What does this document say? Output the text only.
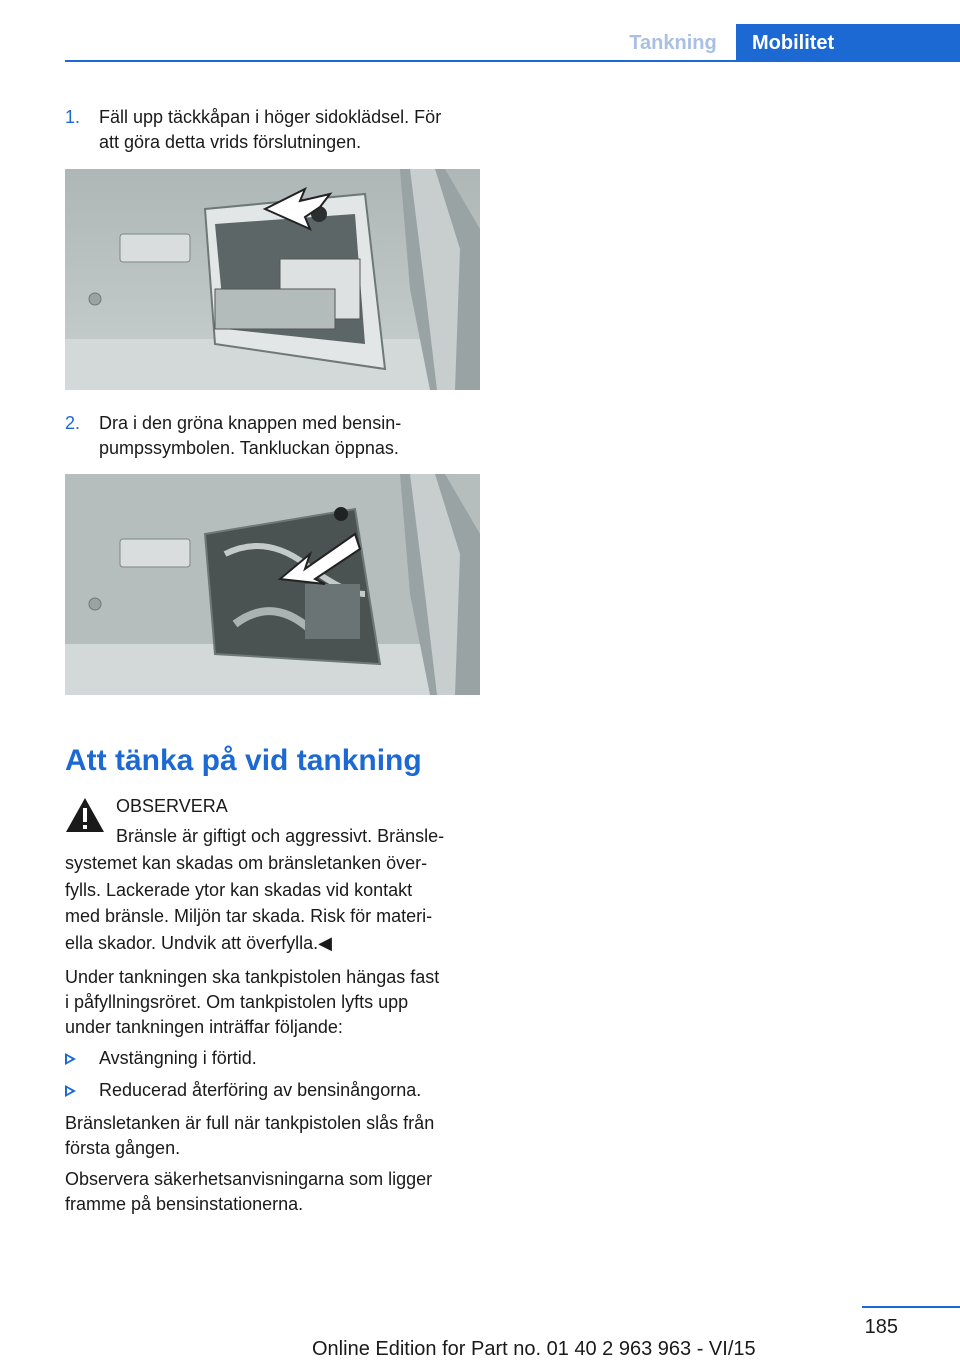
Tankning	Mobilitet
1. Fäll upp täckkåpan i höger sidoklädsel. För
att göra detta vrids förslutningen.
2. Dra i den gröna knappen med bensin‐
pumpssymbolen. Tankluckan öppnas.
Att tänka på vid tankning
OBSERVERA
Bränsle är giftigt och aggressivt. Bränsle‐
systemet kan skadas om bränsletanken över‐
fylls. Lackerade ytor kan skadas vid kontakt
med bränsle. Miljön tar skada. Risk för materi‐
ella skador. Undvik att överfylla.◀
Under tankningen ska tankpistolen hängas fast
i påfyllningsröret. Om tankpistolen lyfts upp
under tankningen inträffar följande:
Avstängning i förtid.
Reducerad återföring av bensinångorna.
Bränsletanken är full när tankpistolen slås från
första gången.
Observera säkerhetsanvisningarna som ligger
framme på bensinstationerna.
185
Online Edition for Part no. 01 40 2 963 963 - VI/15
